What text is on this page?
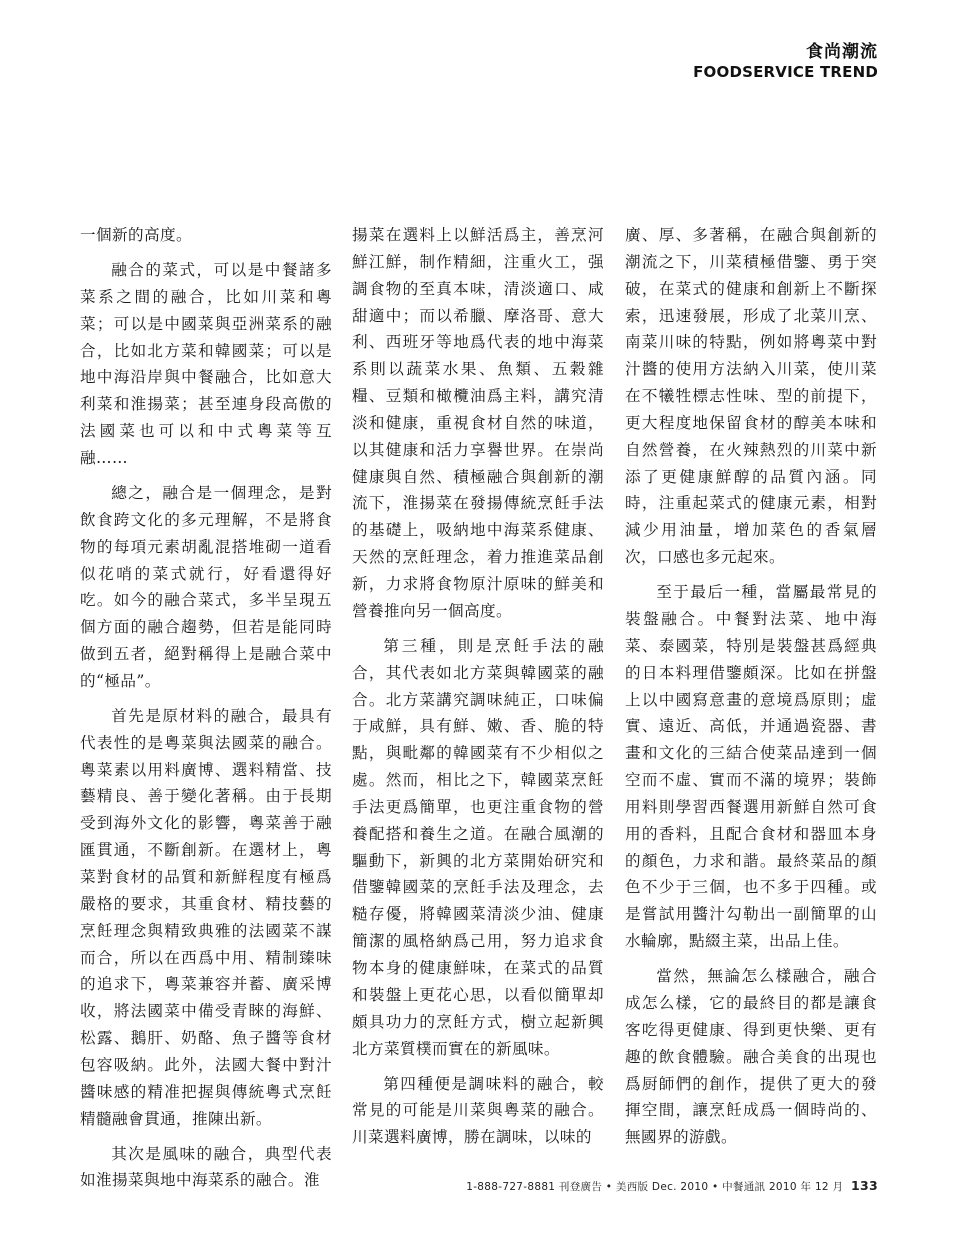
食尚潮流
FOODSERVICE TREND

一個新的高度。

融合的菜式，可以是中餐諸多菜系之間的融合，比如川菜和粵菜；可以是中國菜與亞洲菜系的融合，比如北方菜和韓國菜；可以是地中海沿岸與中餐融合，比如意大利菜和淮揚菜；甚至連身段高傲的法國菜也可以和中式粵菜等互融……

總之，融合是一個理念，是對飲食跨文化的多元理解，不是將食物的每項元素胡亂混搭堆砌一道看似花哨的菜式就行，好看還得好吃。如今的融合菜式，多半呈現五個方面的融合趨勢，但若是能同時做到五者，絕對稱得上是融合菜中的“極品”。

首先是原材料的融合，最具有代表性的是粵菜與法國菜的融合。粵菜素以用料廣博、選料精當、技藝精良、善于變化著稱。由于長期受到海外文化的影響，粵菜善于融匯貫通，不斷創新。在選材上，粵菜對食材的品質和新鮮程度有極爲嚴格的要求，其重食材、精技藝的烹飪理念與精致典雅的法國菜不謀而合，所以在西爲中用、精制臻味的追求下，粵菜兼容并蓄、廣采博收，將法國菜中備受青睞的海鮮、松露、鵝肝、奶酪、魚子醬等食材包容吸納。此外，法國大餐中對汁醬味感的精准把握與傳統粵式烹飪精髓融會貫通，推陳出新。

其次是風味的融合，典型代表如淮揚菜與地中海菜系的融合。淮

揚菜在選料上以鮮活爲主，善烹河鮮江鮮，制作精細，注重火工，强調食物的至真本味，清淡適口、咸甜適中；而以希臘、摩洛哥、意大利、西班牙等地爲代表的地中海菜系則以蔬菜水果、魚類、五穀雜糧、豆類和橄欖油爲主料，講究清淡和健康，重視食材自然的味道，以其健康和活力享譽世界。在崇尚健康與自然、積極融合與創新的潮流下，淮揚菜在發揚傳統烹飪手法的基礎上，吸納地中海菜系健康、天然的烹飪理念，着力推進菜品創新，力求將食物原汁原味的鮮美和營養推向另一個高度。

第三種，則是烹飪手法的融合，其代表如北方菜與韓國菜的融合。北方菜講究調味純正，口味偏于咸鮮，具有鮮、嫩、香、脆的特點，與毗鄰的韓國菜有不少相似之處。然而，相比之下，韓國菜烹飪手法更爲簡單，也更注重食物的營養配搭和養生之道。在融合風潮的驅動下，新興的北方菜開始研究和借鑒韓國菜的烹飪手法及理念，去糙存優，將韓國菜清淡少油、健康簡潔的風格納爲己用，努力追求食物本身的健康鮮味，在菜式的品質和裝盤上更花心思，以看似簡單却頗具功力的烹飪方式，樹立起新興北方菜質樸而實在的新風味。

第四種便是調味料的融合，較常見的可能是川菜與粵菜的融合。川菜選料廣博，勝在調味，以味的

廣、厚、多著稱，在融合與創新的潮流之下，川菜積極借鑒、勇于突破，在菜式的健康和創新上不斷探索，迅速發展，形成了北菜川烹、南菜川味的特點，例如將粵菜中對汁醬的使用方法納入川菜，使川菜在不犧牲標志性味、型的前提下，更大程度地保留食材的醇美本味和自然營養，在火辣熱烈的川菜中新添了更健康鮮醇的品質內涵。同時，注重起菜式的健康元素，相對減少用油量，增加菜色的香氣層次，口感也多元起來。

至于最后一種，當屬最常見的裝盤融合。中餐對法菜、地中海菜、泰國菜，特別是裝盤甚爲經典的日本料理借鑒頗深。比如在拼盤上以中國寫意畫的意境爲原則；虛實、遠近、高低，并通過瓷器、書畫和文化的三結合使菜品達到一個空而不虛、實而不滿的境界；裝飾用料則學習西餐選用新鮮自然可食用的香料，且配合食材和器皿本身的顏色，力求和諧。最終菜品的顏色不少于三個，也不多于四種。或是嘗試用醬汁勾勒出一副簡單的山水輪廓，點綴主菜，出品上佳。

當然，無論怎么樣融合，融合成怎么樣，它的最終目的都是讓食客吃得更健康、得到更快樂、更有趣的飲食體驗。融合美食的出現也爲厨師們的創作，提供了更大的發揮空間，讓烹飪成爲一個時尚的、無國界的游戲。

1-888-727-8881 刊登廣告 • 美西版 Dec. 2010 • 中餐通訊 2010 年 12 月 133
